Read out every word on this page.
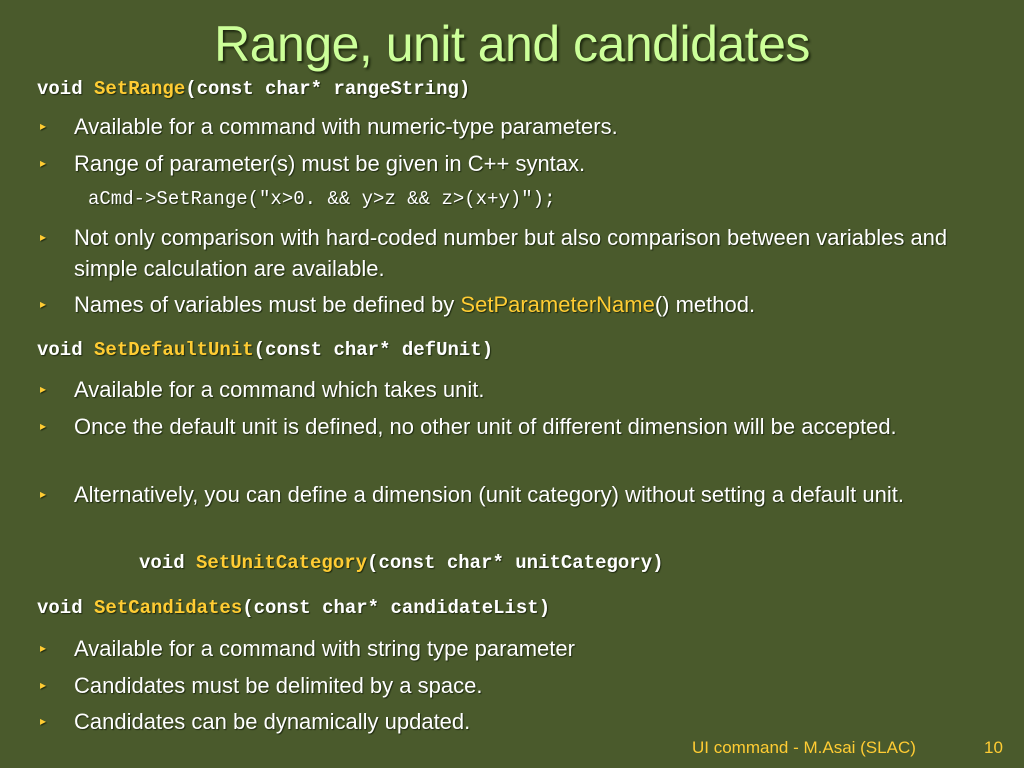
Range, unit and candidates
void SetRange(const char* rangeString)
▸ Available for a command with numeric-type parameters.
▸ Range of parameter(s) must be given in C++ syntax.
aCmd->SetRange("x>0. && y>z && z>(x+y)");
▸ Not only comparison with hard-coded number but also comparison between variables and simple calculation are available.
▸ Names of variables must be defined by SetParameterName() method.
void SetDefaultUnit(const char* defUnit)
▸ Available for a command which takes unit.
▸ Once the default unit is defined, no other unit of different dimension will be accepted.
▸ Alternatively, you can define a dimension (unit category) without setting a default unit.
void SetUnitCategory(const char* unitCategory)
void SetCandidates(const char* candidateList)
▸ Available for a command with string type parameter
▸ Candidates must be delimited by a space.
▸ Candidates can be dynamically updated.
UI command - M.Asai (SLAC)	10
